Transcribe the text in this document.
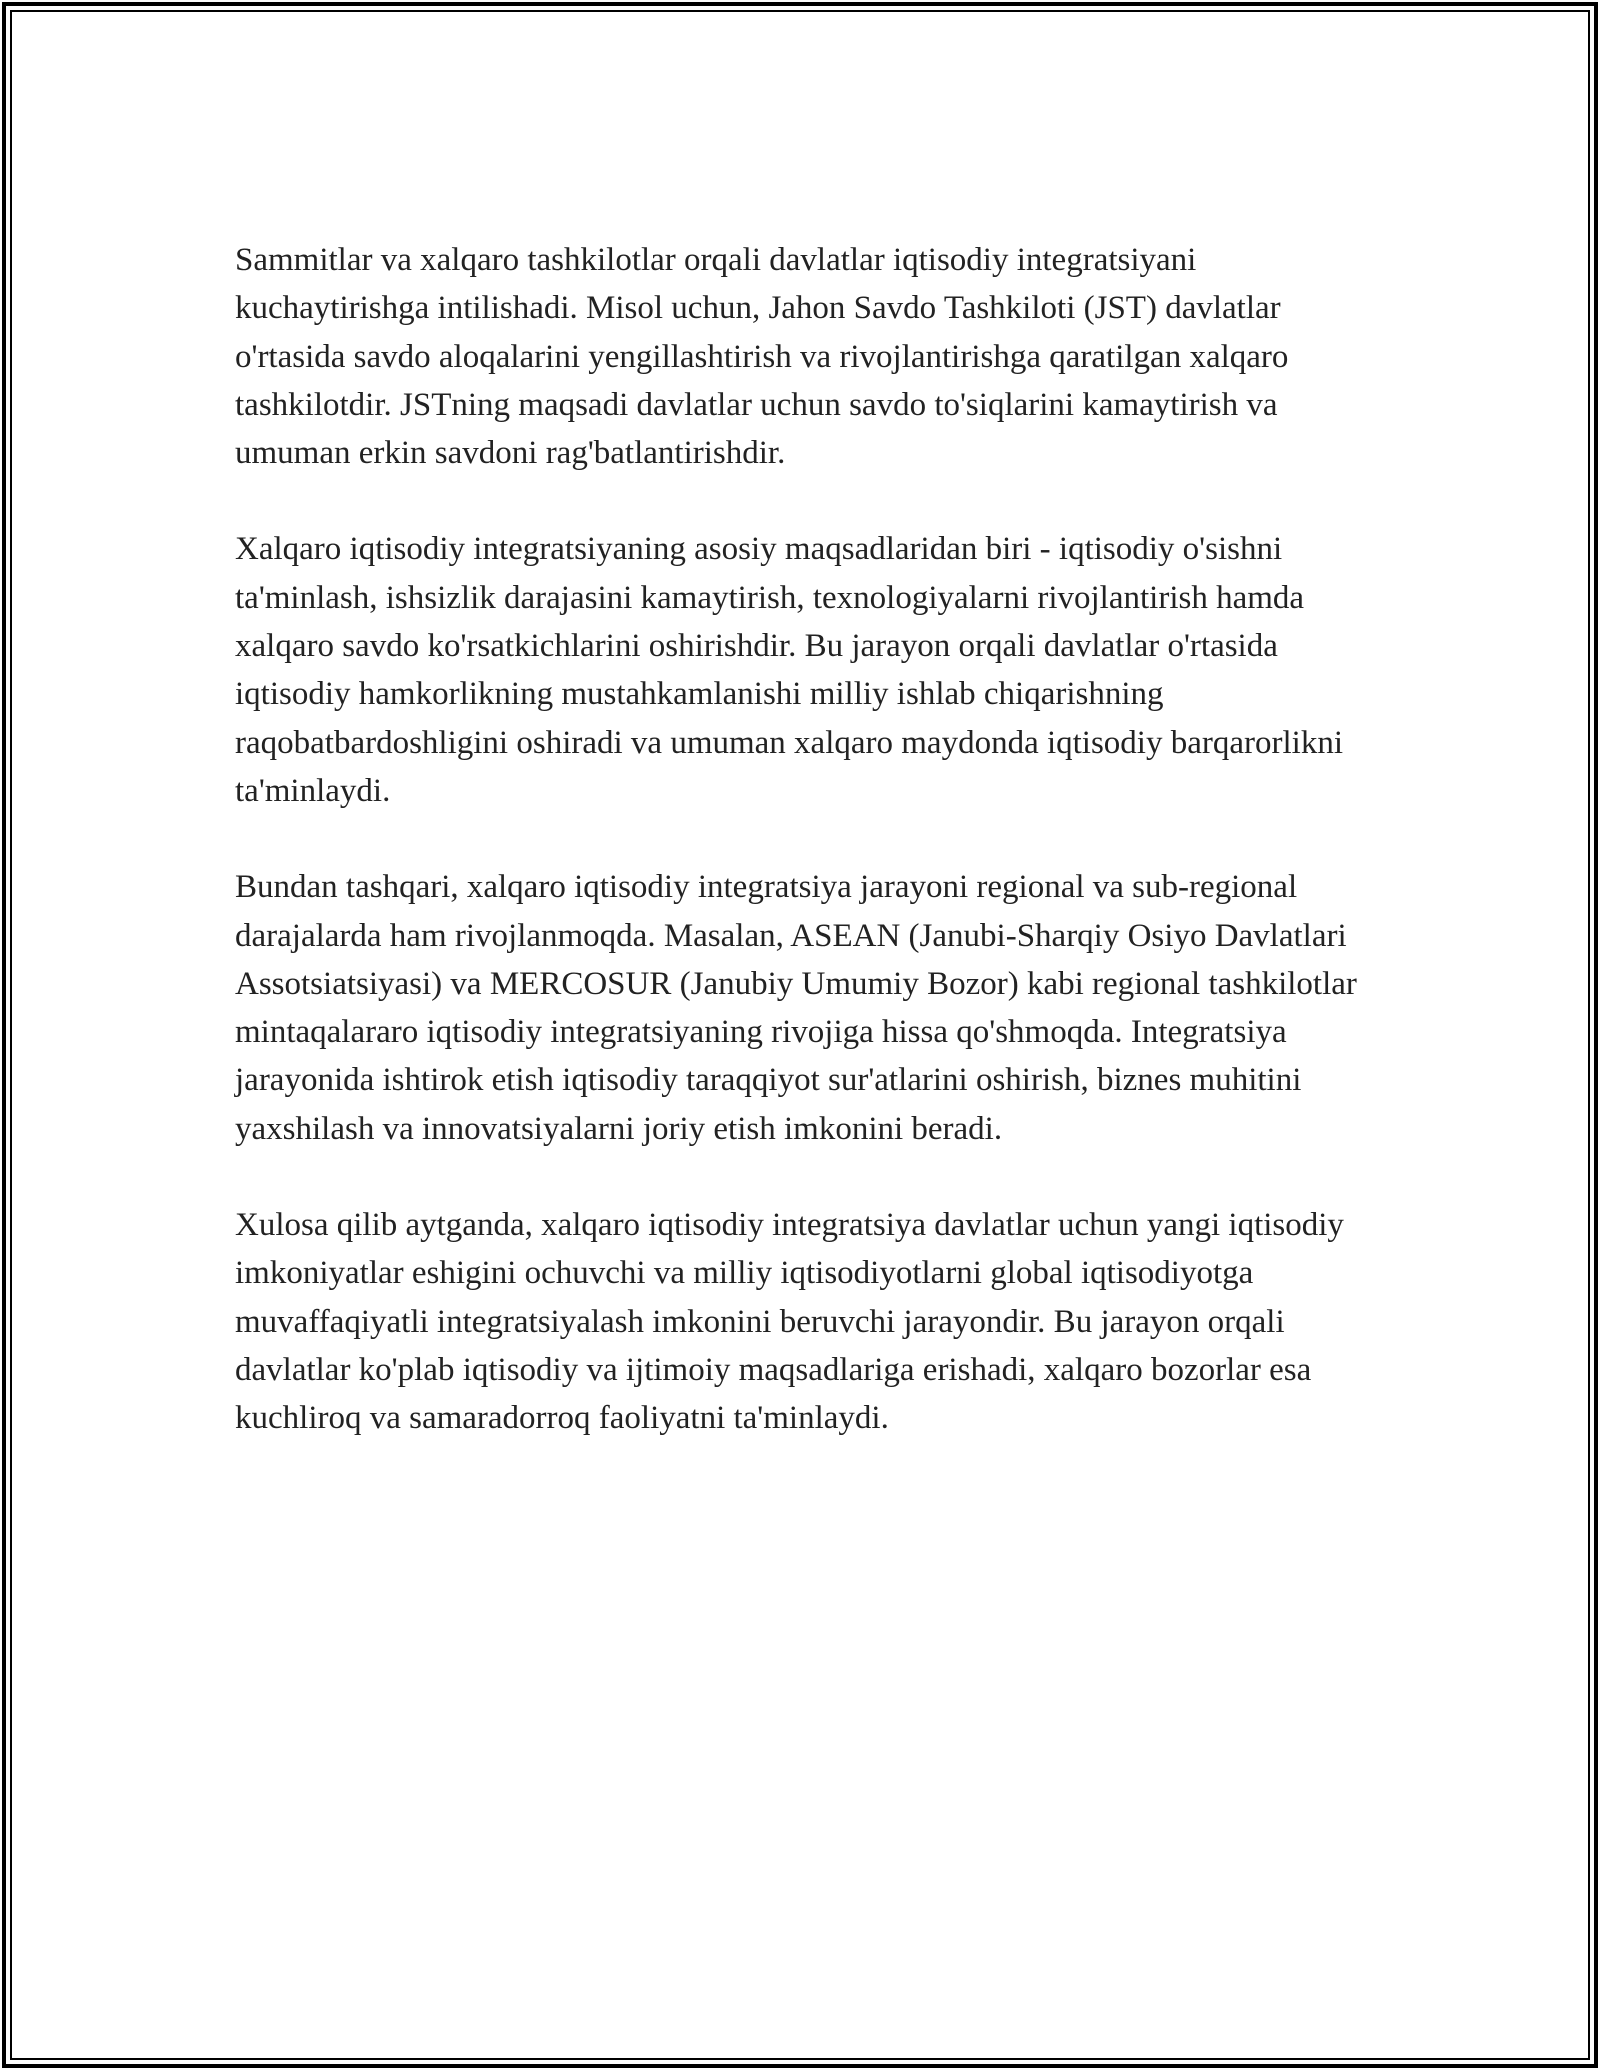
Sammitlar va xalqaro tashkilotlar orqali davlatlar iqtisodiy integratsiyani kuchaytirishga intilishadi. Misol uchun, Jahon Savdo Tashkiloti (JST) davlatlar o'rtasida savdo aloqalarini yengillashtirish va rivojlantirishga qaratilgan xalqaro tashkilotdir. JSTning maqsadi davlatlar uchun savdo to'siqlarini kamaytirish va umuman erkin savdoni rag'batlantirishdir.

Xalqaro iqtisodiy integratsiyaning asosiy maqsadlaridan biri - iqtisodiy o'sishni ta'minlash, ishsizlik darajasini kamaytirish, texnologiyalarni rivojlantirish hamda xalqaro savdo ko'rsatkichlarini oshirishdir. Bu jarayon orqali davlatlar o'rtasida iqtisodiy hamkorlikning mustahkamlanishi milliy ishlab chiqarishning raqobatbardoshligini oshiradi va umuman xalqaro maydonda iqtisodiy barqarorlikni ta'minlaydi.

Bundan tashqari, xalqaro iqtisodiy integratsiya jarayoni regional va sub-regional darajalarda ham rivojlanmoqda. Masalan, ASEAN (Janubi-Sharqiy Osiyo Davlatlari Assotsiatsiyasi) va MERCOSUR (Janubiy Umumiy Bozor) kabi regional tashkilotlar mintaqalararo iqtisodiy integratsiyaning rivojiga hissa qo'shmoqda. Integratsiya jarayonida ishtirok etish iqtisodiy taraqqiyot sur'atlarini oshirish, biznes muhitini yaxshilash va innovatsiyalarni joriy etish imkonini beradi.

Xulosa qilib aytganda, xalqaro iqtisodiy integratsiya davlatlar uchun yangi iqtisodiy imkoniyatlar eshigini ochuvchi va milliy iqtisodiyotlarni global iqtisodiyotga muvaffaqiyatli integratsiyalash imkonini beruvchi jarayondir. Bu jarayon orqali davlatlar ko'plab iqtisodiy va ijtimoiy maqsadlariga erishadi, xalqaro bozorlar esa kuchliroq va samaradorroq faoliyatni ta'minlaydi.
